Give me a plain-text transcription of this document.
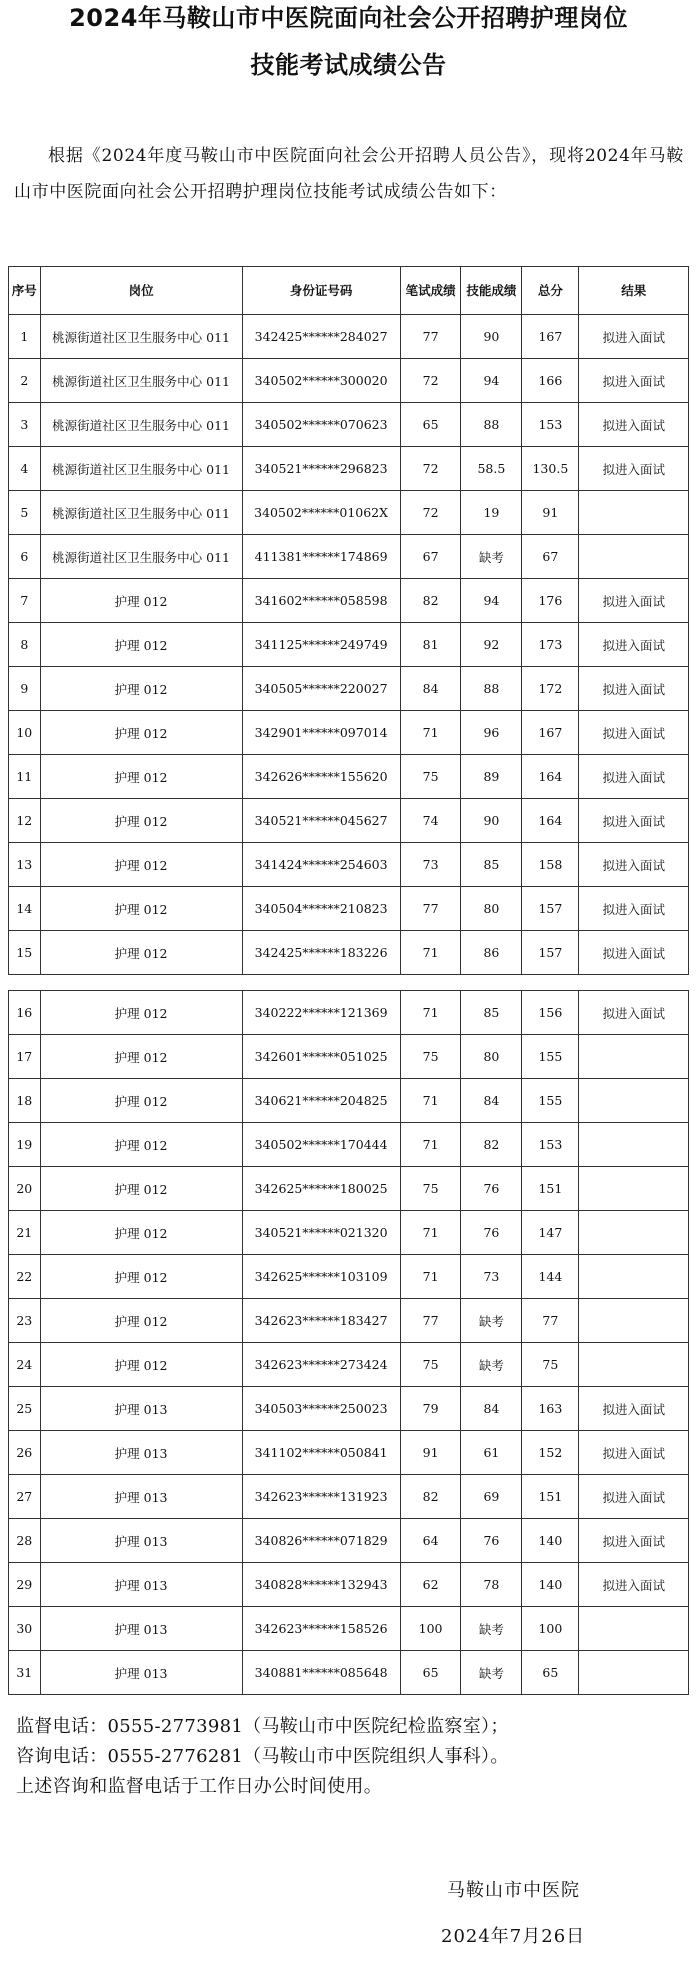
2024年马鞍山市中医院面向社会公开招聘护理岗位
技能考试成绩公告

根据《2024年度马鞍山市中医院面向社会公开招聘人员公告》，现将2024年马鞍山市中医院面向社会公开招聘护理岗位技能考试成绩公告如下：

序号	岗位	身份证号码	笔试成绩	技能成绩	总分	结果
1	桃源街道社区卫生服务中心 011	342425******284027	77	90	167	拟进入面试
2	桃源街道社区卫生服务中心 011	340502******300020	72	94	166	拟进入面试
3	桃源街道社区卫生服务中心 011	340502******070623	65	88	153	拟进入面试
4	桃源街道社区卫生服务中心 011	340521******296823	72	58.5	130.5	拟进入面试
5	桃源街道社区卫生服务中心 011	340502******01062X	72	19	91	
6	桃源街道社区卫生服务中心 011	411381******174869	67	缺考	67	
7	护理 012	341602******058598	82	94	176	拟进入面试
8	护理 012	341125******249749	81	92	173	拟进入面试
9	护理 012	340505******220027	84	88	172	拟进入面试
10	护理 012	342901******097014	71	96	167	拟进入面试
11	护理 012	342626******155620	75	89	164	拟进入面试
12	护理 012	340521******045627	74	90	164	拟进入面试
13	护理 012	341424******254603	73	85	158	拟进入面试
14	护理 012	340504******210823	77	80	157	拟进入面试
15	护理 012	342425******183226	71	86	157	拟进入面试
16	护理 012	340222******121369	71	85	156	拟进入面试
17	护理 012	342601******051025	75	80	155	
18	护理 012	340621******204825	71	84	155	
19	护理 012	340502******170444	71	82	153	
20	护理 012	342625******180025	75	76	151	
21	护理 012	340521******021320	71	76	147	
22	护理 012	342625******103109	71	73	144	
23	护理 012	342623******183427	77	缺考	77	
24	护理 012	342623******273424	75	缺考	75	
25	护理 013	340503******250023	79	84	163	拟进入面试
26	护理 013	341102******050841	91	61	152	拟进入面试
27	护理 013	342623******131923	82	69	151	拟进入面试
28	护理 013	340826******071829	64	76	140	拟进入面试
29	护理 013	340828******132943	62	78	140	拟进入面试
30	护理 013	342623******158526	100	缺考	100	
31	护理 013	340881******085648	65	缺考	65	
监督电话：0555-2773981（马鞍山市中医院纪检监察室）；
咨询电话：0555-2776281（马鞍山市中医院组织人事科）。
上述咨询和监督电话于工作日办公时间使用。
马鞍山市中医院
2024年7月26日
